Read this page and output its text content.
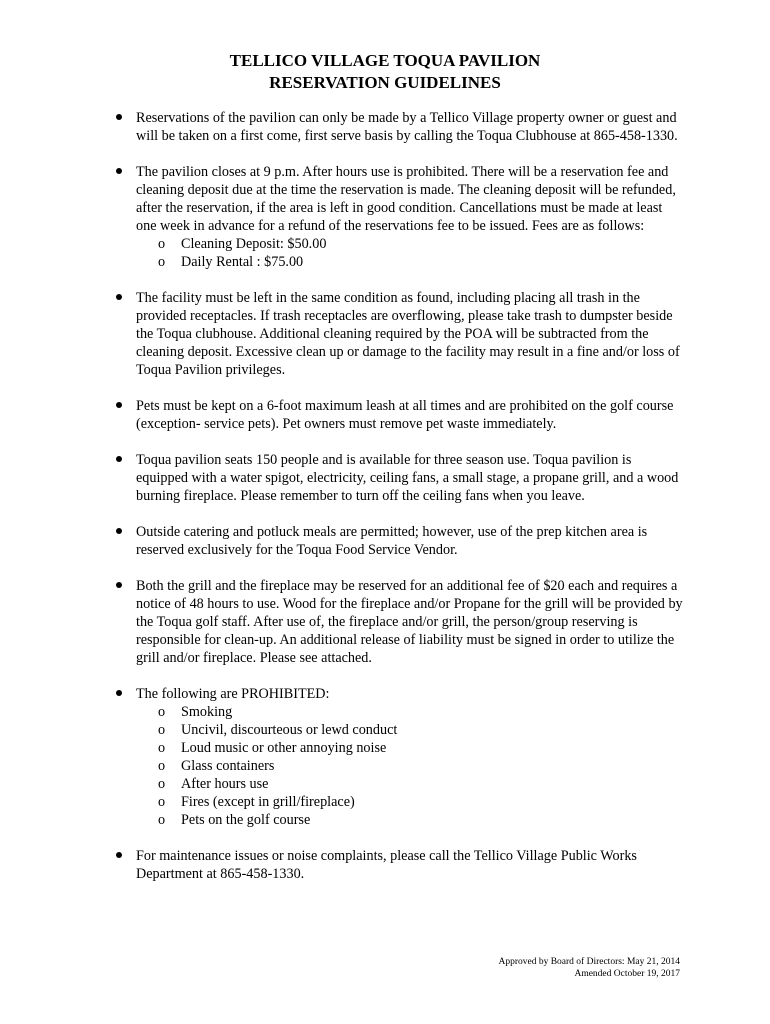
TELLICO VILLAGE TOQUA PAVILION
RESERVATION GUIDELINES

Reservations of the pavilion can only be made by a Tellico Village property owner or guest and will be taken on a first come, first serve basis by calling the Toqua Clubhouse at 865-458-1330.

The pavilion closes at 9 p.m. After hours use is prohibited. There will be a reservation fee and cleaning deposit due at the time the reservation is made. The cleaning deposit will be refunded, after the reservation, if the area is left in good condition. Cancellations must be made at least one week in advance for a refund of the reservations fee to be issued. Fees are as follows:

o Cleaning Deposit: $50.00
o Daily Rental : $75.00

The facility must be left in the same condition as found, including placing all trash in the provided receptacles. If trash receptacles are overflowing, please take trash to dumpster beside the Toqua clubhouse. Additional cleaning required by the POA will be subtracted from the cleaning deposit. Excessive clean up or damage to the facility may result in a fine and/or loss of Toqua Pavilion privileges.

Pets must be kept on a 6-foot maximum leash at all times and are prohibited on the golf course (exception- service pets). Pet owners must remove pet waste immediately.

Toqua pavilion seats 150 people and is available for three season use. Toqua pavilion is equipped with a water spigot, electricity, ceiling fans, a small stage, a propane grill, and a wood burning fireplace. Please remember to turn off the ceiling fans when you leave.

Outside catering and potluck meals are permitted; however, use of the prep kitchen area is reserved exclusively for the Toqua Food Service Vendor.

Both the grill and the fireplace may be reserved for an additional fee of $20 each and requires a notice of 48 hours to use. Wood for the fireplace and/or Propane for the grill will be provided by the Toqua golf staff. After use of, the fireplace and/or grill, the person/group reserving is responsible for clean-up. An additional release of liability must be signed in order to utilize the grill and/or fireplace. Please see attached.

The following are PROHIBITED:

o Smoking
o Uncivil, discourteous or lewd conduct
o Loud music or other annoying noise
o Glass containers
o After hours use
o Fires (except in grill/fireplace)
o Pets on the golf course

For maintenance issues or noise complaints, please call the Tellico Village Public Works Department at 865-458-1330.

Approved by Board of Directors: May 21, 2014
Amended October 19, 2017
